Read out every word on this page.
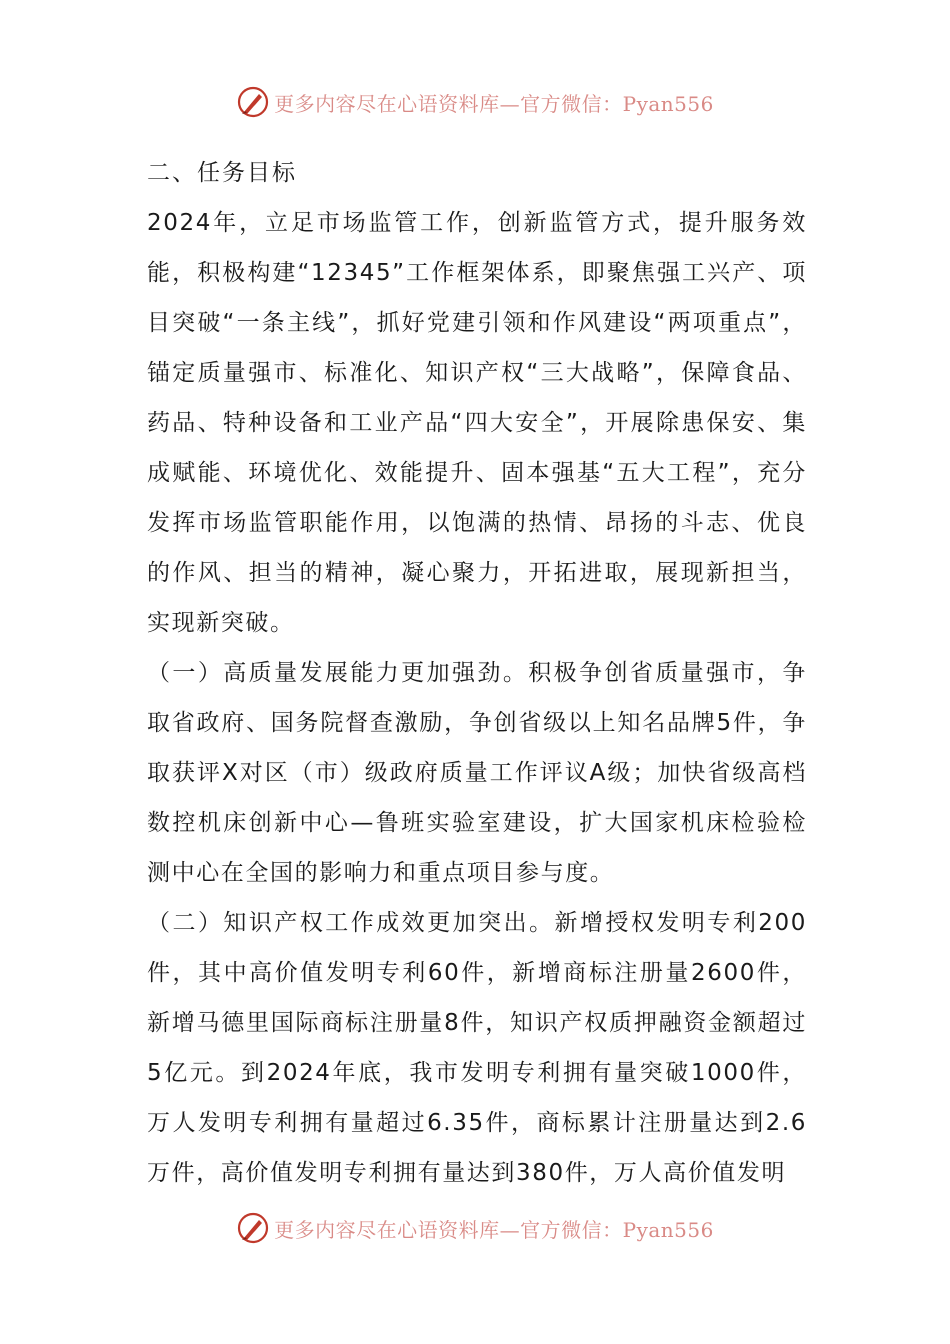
更多内容尽在心语资料库—官方微信：Pyan556

二、任务目标

2024年，立足市场监管工作，创新监管方式，提升服务效能，积极构建“12345”工作框架体系，即聚焦强工兴产、项目突破“一条主线”，抓好党建引领和作风建设“两项重点”，锚定质量强市、标准化、知识产权“三大战略”，保障食品、药品、特种设备和工业产品“四大安全”，开展除患保安、集成赋能、环境优化、效能提升、固本强基“五大工程”，充分发挥市场监管职能作用，以饱满的热情、昂扬的斗志、优良的作风、担当的精神，凝心聚力，开拓进取，展现新担当，实现新突破。

（一）高质量发展能力更加强劲。积极争创省质量强市，争取省政府、国务院督查激励，争创省级以上知名品牌5件，争取获评X对区（市）级政府质量工作评议A级；加快省级高档数控机床创新中心—鲁班实验室建设，扩大国家机床检验检测中心在全国的影响力和重点项目参与度。

（二）知识产权工作成效更加突出。新增授权发明专利200件，其中高价值发明专利60件，新增商标注册量2600件，新增马德里国际商标注册量8件，知识产权质押融资金额超过5亿元。到2024年底，我市发明专利拥有量突破1000件，万人发明专利拥有量超过6.35件，商标累计注册量达到2.6万件，高价值发明专利拥有量达到380件，万人高价值发明

更多内容尽在心语资料库—官方微信：Pyan556
